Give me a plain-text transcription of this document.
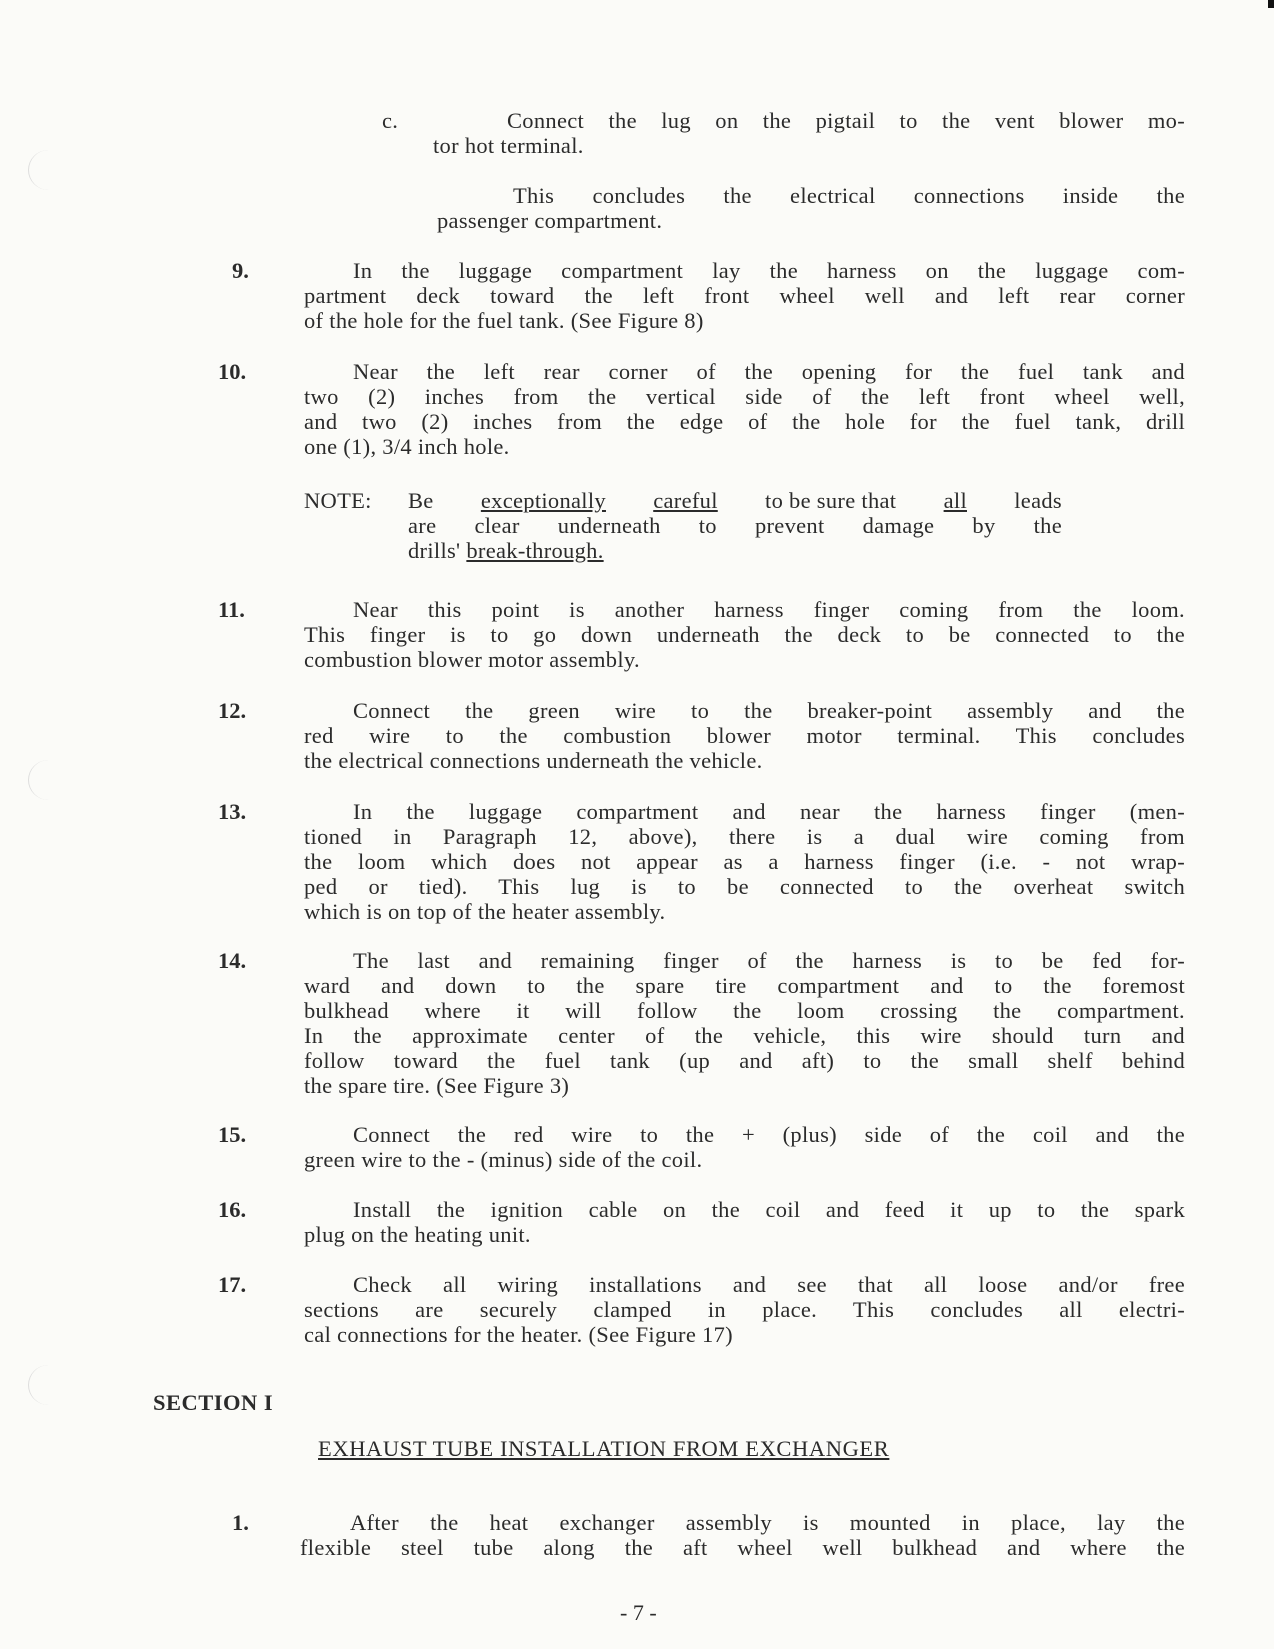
c.	Connect the lug on the pigtail to the vent blower mo-
tor hot terminal.
This concludes the electrical connections inside the
passenger compartment.
9.	In the luggage compartment lay the harness on the luggage com-
partment deck toward the left front wheel well and left rear corner
of the hole for the fuel tank. (See Figure 8)
10.	Near the left rear corner of the opening for the fuel tank and
two (2) inches from the vertical side of the left front wheel well,
and two (2) inches from the edge of the hole for the fuel tank, drill
one (1), 3/4 inch hole.
NOTE: Be exceptionally careful to be sure that all leads
are clear underneath to prevent damage by the
drills' break-through.
11.	Near this point is another harness finger coming from the loom.
This finger is to go down underneath the deck to be connected to the
combustion blower motor assembly.
12.	Connect the green wire to the breaker-point assembly and the
red wire to the combustion blower motor terminal. This concludes
the electrical connections underneath the vehicle.
13.	In the luggage compartment and near the harness finger (men-
tioned in Paragraph 12, above), there is a dual wire coming from
the loom which does not appear as a harness finger (i.e. - not wrap-
ped or tied). This lug is to be connected to the overheat switch
which is on top of the heater assembly.
14.	The last and remaining finger of the harness is to be fed for-
ward and down to the spare tire compartment and to the foremost
bulkhead where it will follow the loom crossing the compartment.
In the approximate center of the vehicle, this wire should turn and
follow toward the fuel tank (up and aft) to the small shelf behind
the spare tire. (See Figure 3)
15.	Connect the red wire to the + (plus) side of the coil and the
green wire to the - (minus) side of the coil.
16.	Install the ignition cable on the coil and feed it up to the spark
plug on the heating unit.
17.	Check all wiring installations and see that all loose and/or free
sections are securely clamped in place. This concludes all electri-
cal connections for the heater. (See Figure 17)
SECTION I
EXHAUST TUBE INSTALLATION FROM EXCHANGER
1.	After the heat exchanger assembly is mounted in place, lay the
flexible steel tube along the aft wheel well bulkhead and where the
- 7 -
